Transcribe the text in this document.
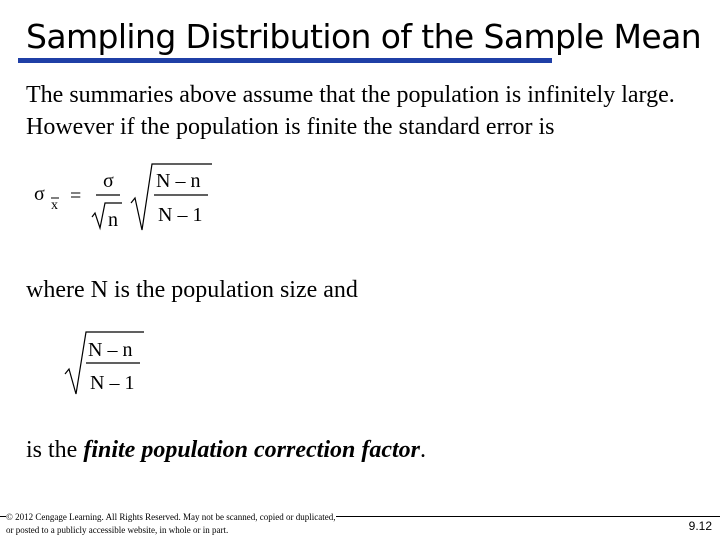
Sampling Distribution of the Sample Mean

The summaries above assume that the population is infinitely large. However if the population is finite the standard error is

σ
x =
σ
n
N – n
N – 1

where N is the population size and

N – n
N – 1

is the finite population correction factor.

© 2012 Cengage Learning. All Rights Reserved. May not be scanned, copied or duplicated, or posted to a publicly accessible website, in whole or in part.	9.12
